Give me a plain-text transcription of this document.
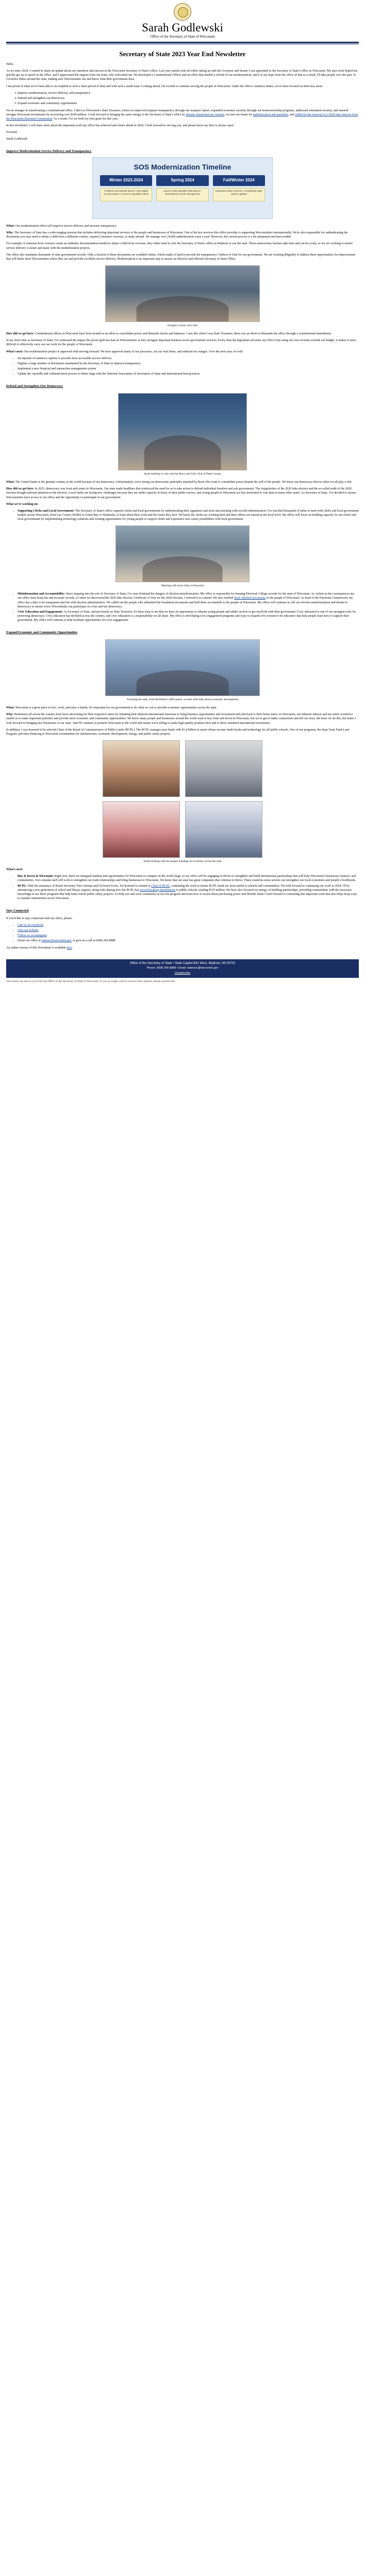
Sarah Godlewski
Office of the Secretary of State of Wisconsin
Secretary of State 2023 Year End Newsletter

Hello,

As we enter 2024, I wanted to share an update about our transition and success in the Wisconsin Secretary of State's office. Last year started with me either taking an oath the Governor and Senate I was appointed to the Secretary of State's office in Wisconsin. My past work helped me quickly get up to speed on the office, and I appreciated the support from our team, who welcomed me. We developed a Constitutional Officer and an office that needed a refresh of our modernization, and it is my hope from the office of that as a result, I'll take people over the past 14 Governor duties around the state, making sure Wisconsinites see and know what their government does.

I am proud of what we've been able to accomplish in such a short period of time and with such a small team. Looking ahead, I'm excited to continue serving the people of Wisconsin. Under the office's statutory duties, we've been focused on three key areas:

1. Improve modernization, service delivery, and transparency
2. Defend and strengthen our democracy
3. Expand economic and community opportunities

I'm no stranger to transforming a constitutional office. I did it as Wisconsin's State Treasurer, where we improved taxpayer transparency through our taxpayer report, expanded economic security through our homeownership programs, addressed retirement security, and ensured stronger Wisconsin investments by recovering over $100 million. I look forward to bringing the same energy to the Secretary of State's office by already relaunched our website, we met our teams for authentication and apostilles, and called for the removal of a 2020 fake electors from the Wisconsin Elections Commission. As a result, I've set forth my four goals for this year.

In this newsletter, I will share more about the important work my office has achieved and what's ahead in 2024. I look forward to serving you, and please know my door is always open.

Forward,

Sarah Godlewski

Improve Modernization Service Delivery and Transparency
SOS Modernization Timeline
Winter 2023-2024
Finalized new website launch • New digital records system • Access to apostilles online
Spring 2024
Launch online apostille submissions • Streamlined records management
Fall/Winter 2024
Expanded online services • Completing major system updates

What: Our modernization effort will improve service delivery and increase transparency.

Why: The Secretary of State has a wide-ranging mission that includes delivering important services to the people and businesses of Wisconsin. One of the key services this office provides is supporting Wisconsinites internationally. We're also responsible for authenticating the documents you may need to adopt a child from a different country, expand a business overseas, or study abroad. We manage over 24,000 authentication cases a year! However, the current process is a bit antiquated and inaccessible.

For example, if someone from overseas wants an authentic documentation needed to adopt a child from overseas, they either need to visit the Secretary of State's office in Madison or use the mail. These unnecessary barriers take time and can be costly, so we are working to ensure service delivery is easier and faster with the modernization projects.

The office also maintains thousands of state government records. Only a fraction of these documents are available online, which makes it hard to provide the transparency I believe is vital for our government. We are working diligently to address these opportunities for improvement that will better meet Wisconsinites where they are and provide excellent service delivery. Modernization is an important step to ensure an effective and efficient Secretary of State Office.

Douglas County town hall

How did we get here: Constitutional offices in Wisconsin have been treated as an effort to consolidate power and diminish checks and balances. I saw this when I was State Treasurer; there was an effort to dismantle the office through a constitutional amendment.

In my short time as Secretary of State, I've witnessed the impact the power grab has had on Wisconsinites as they navigate important business across government services. Every time the legislature prevents our office from using our own revenue towards our budget, it makes it more difficult to effectively carry out our work for the people of Wisconsin.

What's next: Our modernization project is approved with moving forward. We have approved many of our processes, cut our wait times, and reduced our outages. Over the next year, we will:

• Incorporate eCommerce options to provide more accessible service delivery
• Digitize a large number of documents maintained by the Secretary of State to improve transparency
• Implement a new financial and transaction management system
• Update the Apostille and Authentication process to better align with the National Association of Secretaries of State and international best practices
Defend and Strengthen Our Democracy
Sarah meeting to visit with the Boys and Girls Club of Dane County

What: The United States is the greatest country in the world because of our democracy. Unfortunately, we're seeing our democratic principles attacked by those who want to consolidate power despite the will of the people. We know our democracy thrives when we all play a role.

How did we get here: In 2023, democracy was front and center in Wisconsin. Our state made headlines that reinforced the need for us to take action to defend individual freedom and safe government. The irregularities of the 2020 fake electors and the so-called audit of the 2020 election brought national attention to the election. Local clerks are facing new challenges because they are under capacity in hours of their public service, and young people in Wisconsin are less motivated to vote than in many other states. As Secretary of State, I've decided to ensure Wisconsinites have access to our office and the opportunity to participate in our government.

What we're working on:

• Supporting Clerks and Local Government: The Secretary of State's office supports clerks and local governments by authenticating their signatures and tools and assisting with records administration. I've traveled thousands of miles to meet with clerks and local government leaders across Wisconsin, from Lac Courte Oreilles to Green Bay to Waukesha, to learn about their work and the issues they face. We know the clerks are working hard and their offices are trusted at the local level. My office will focus on building capacity for our clerks and local governments by implementing technology solutions and creating opportunities for young people to support clerks and experience new career possibilities with local government.
Meeting with local clerks in Kenosha
• Misinformation and Accountability: Since stepping into the role of Secretary of State, I've seen firsthand the dangers of election misinformation. My office is responsible for keeping Electoral College records for the state of Wisconsin. As violent as the consequences are, our office must keep fair and accurate records, so when we discovered the 2020 fake electors Certificate of Vote for the 2020 election, I referred it to counsel. We also notified those falsified documents to the people of Wisconsin. As head of the Elections Commission, my office has a duty to be transparent and fair with election administrators. We called out the people who submitted the fraudulent documents and held them accountable to the people of Wisconsin. My office will continue to call out election misinformation and threats to democracy to ensure every Wisconsinite can participate in a free and fair democracy.
• Civic Education and Engagement: As Secretary of State, and previously as State Treasurer, it's been clear to me that we have an opportunity to educate young people and adults on how to get involved with their government. Civic education is one of our strongest tools for protecting democracy. Civic education has declined across the country, and civic education is a responsibility we all share. My office is developing civic engagement programs and ways to expand civic resources for educators that help people learn how to support their government. My office will continue to help facilitate opportunities for civic engagement.
Expand Economic and Community Opportunities
Traveling the state, from Richfield to Milwaukee, to meet with folks about economic development

What: Wisconsin is a great place to live, work, and raise a family. It's important for our government to do what we can to provide economic opportunities across the state.

Why: Businesses all across the country have been advocating for their respective states by initiating their inherent international functions to bring business opportunities and investment and jobs back to their home states. In Wisconsin, our inherent interest and my entire workforce enable us to make important priorities and provide more economic and community opportunities. We know many people and businesses around the world want to buy from and invest in Wisconsin, but we've got to make connections and tell our story. the more we do this, the better I look forward to bringing new businesses to our state. And I'll continue to promote Wisconsin to the world and ensure we're telling to make high-quality products here and to drive sustained international investment.

In addition, I was honored to be selected Chair of the Board of Commissioners of Public Lands (BCPL). The BCPL manages trust funds with $1.4 billion in assets whose income funds books and technology for all public schools. One of our programs, the State Trust Fund Loan Program, provides financing to Wisconsin communities for infrastructure, economic development, energy, and public safety projects.

Sarah meeting with the people building our economy across the state

What's next:

• Buy & Invest in Wisconsin: Right now, there are untapped markets and opportunities for Wisconsin to compete on the world stage, so my office will be engaging in efforts to strengthen and build international partnerships that will help Wisconsin's businesses, farmers, and communities. Our consular staff will work to strengthen our trade relationships and bring businesses to Wisconsin. We know that our state has great companies that continue to thrive. These countries sense actions can strengthen our local economies and people's livelihoods.
• BCPL: With the assistance of Board Secretary Tom German and Governor Evers, I'm honored to remain in Chair of BCPL, continuing the work to ensure BCPL funds are most useful to schools and communities. We look forward to continuing our work in 2024. I'll be announcing a new generation of school and library support, along with sharing how the BCPL has record breaking distributions to public schools, totaling $119 million. We have also focused our energy on building partnerships, providing communities with the necessary knowledge to use these programs that help fund critical public safety projects. To help you and your community access the program and learn how to access these purchasing power and flexible funds I look forward to continuing this important work that also helps keep ways to expand communities across Wisconsin.
Stay Connected

If you'd like to stay connected with my office, please:

• Like us on Facebook
• Visit our website
• Follow us on Instagram
• Email our office at statesec@wisconsin.gov or give us a call at (608) 266-8888

An online version of this Newsletter is available here.

Office of the Secretary of State • State Capitol B41 West, Madison, WI 53702
Phone: (608) 266-8888 • Email: statesec@wisconsin.gov
Unsubscribe

This email was sent to you from the Office of the Secretary of State of Wisconsin. If you no longer wish to receive these updates, please unsubscribe.
